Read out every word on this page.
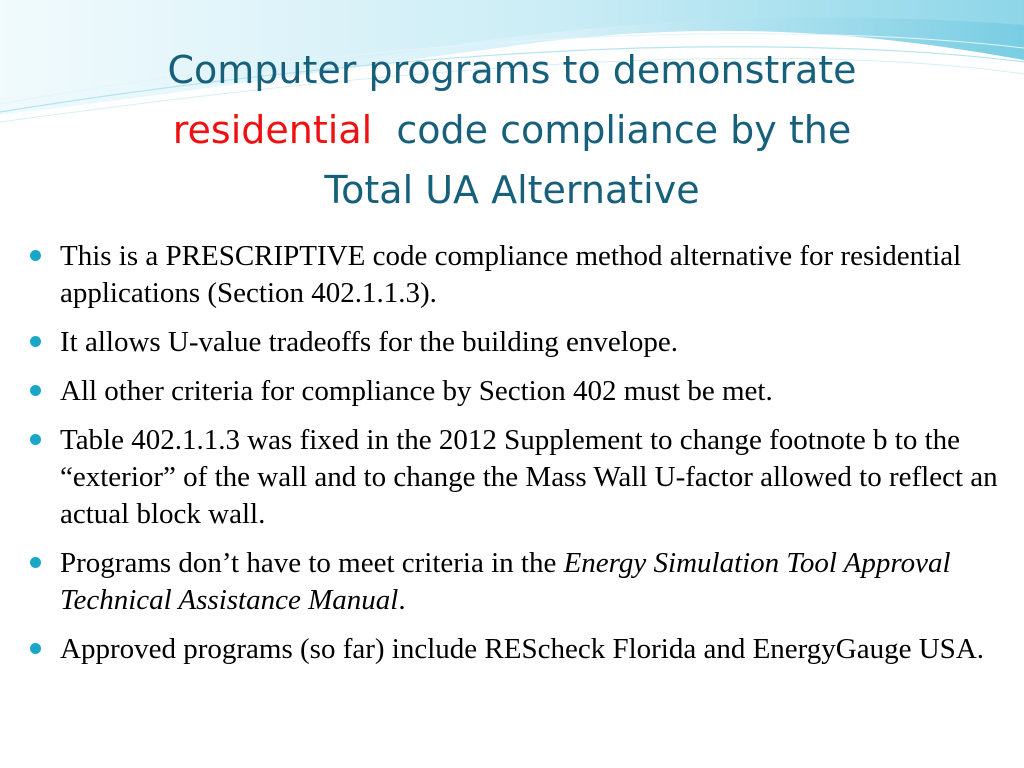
Computer programs to demonstrate
residential code compliance by the
Total UA Alternative
This is a PRESCRIPTIVE code compliance method alternative for residential applications (Section 402.1.1.3).
It allows U-value tradeoffs for the building envelope.
All other criteria for compliance by Section 402 must be met.
Table 402.1.1.3 was fixed in the 2012 Supplement to change footnote b to the “exterior” of the wall and to change the Mass Wall U-factor allowed to reflect an actual block wall.
Programs don’t have to meet criteria in the Energy Simulation Tool Approval Technical Assistance Manual.
Approved programs (so far) include REScheck Florida and EnergyGauge USA.
